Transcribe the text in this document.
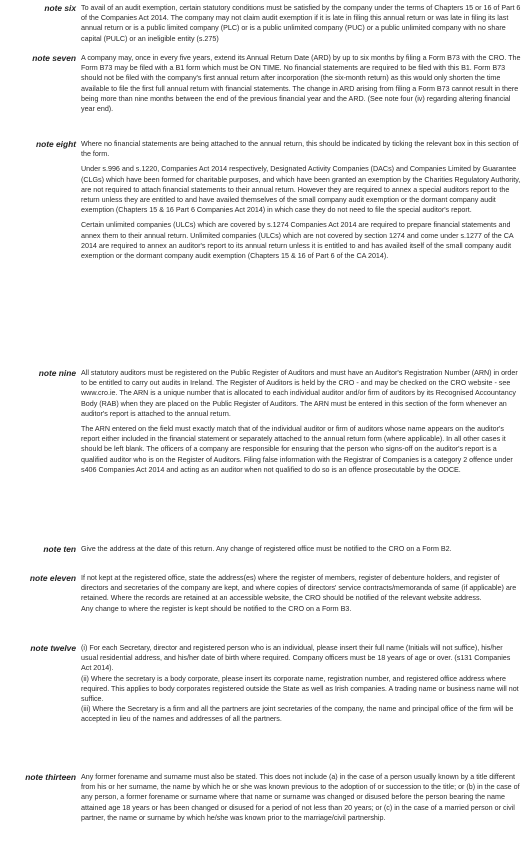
note six To avail of an audit exemption, certain statutory conditions must be satisfied by the company under the terms of Chapters 15 or 16 of Part 6 of the Companies Act 2014. The company may not claim audit exemption if it is late in filing this annual return or was late in filing its last annual return or is a public limited company (PLC) or is a public unlimited company (PUC) or a public unlimited company with no share capital (PULC) or an ineligible entity (s.275)

note seven A company may, once in every five years, extend its Annual Return Date (ARD) by up to six months by filing a Form B73 with the CRO. The Form B73 may be filed with a B1 form which must be ON TIME. No financial statements are required to be filed with this B1. Form B73 should not be filed with the company's first annual return after incorporation (the six-month return) as this would only shorten the time available to file the first full annual return with financial statements. The change in ARD arising from filing a Form B73 cannot result in there being more than nine months between the end of the previous financial year and the ARD. (See note four (iv) regarding altering financial year end).

note eight Where no financial statements are being attached to the annual return, this should be indicated by ticking the relevant box in this section of the form.

Under s.996 and s.1220, Companies Act 2014 respectively, Designated Activity Companies (DACs) and Companies Limited by Guarantee (CLGs) which have been formed for charitable purposes, and which have been granted an exemption by the Charities Regulatory Authority, are not required to attach financial statements to their annual return. However they are required to annex a special auditors report to the return unless they are entitled to and have availed themselves of the small company audit exemption or the dormant company audit exemption (Chapters 15 & 16 Part 6 Companies Act 2014) in which case they do not need to file the special auditor's report.

Certain unlimited companies (ULCs) which are covered by s.1274 Companies Act 2014 are required to prepare financial statements and annex them to their annual return. Unlimited companies (ULCs) which are not covered by section 1274 and come under s.1277 of the CA 2014 are required to annex an auditor's report to its annual return unless it is entitled to and has availed itself of the small company audit exemption or the dormant company audit exemption (Chapters 15 & 16 of Part 6 of the CA 2014).

note nine All statutory auditors must be registered on the Public Register of Auditors and must have an Auditor's Registration Number (ARN) in order to be entitled to carry out audits in Ireland. The Register of Auditors is held by the CRO - and may be checked on the CRO website - see www.cro.ie. The ARN is a unique number that is allocated to each individual auditor and/or firm of auditors by its Recognised Accountancy Body (RAB) when they are placed on the Public Register of Auditors. The ARN must be entered in this section of the form whenever an auditor's report is attached to the annual return.

The ARN entered on the field must exactly match that of the individual auditor or firm of auditors whose name appears on the auditor's report either included in the financial statement or separately attached to the annual return form (where applicable). In all other cases it should be left blank. The officers of a company are responsible for ensuring that the person who signs-off on the auditor's report is a qualified auditor who is on the Register of Auditors. Filing false information with the Registrar of Companies is a category 2 offence under s406 Companies Act 2014 and acting as an auditor when not qualified to do so is an offence prosecutable by the ODCE.

note ten Give the address at the date of this return. Any change of registered office must be notified to the CRO on a Form B2.

note eleven If not kept at the registered office, state the address(es) where the register of members, register of debenture holders, and register of directors and secretaries of the company are kept, and where copies of directors' service contracts/memoranda of same (if applicable) are retained. Where the records are retained at an accessible website, the CRO should be notified of the relevant website address.

Any change to where the register is kept should be notified to the CRO on a Form B3.

note twelve (i) For each Secretary, director and registered person who is an individual, please insert their full name (Initials will not suffice), his/her usual residential address, and his/her date of birth where required. Company officers must be 18 years of age or over. (s131 Companies Act 2014).

(ii) Where the secretary is a body corporate, please insert its corporate name, registration number, and registered office address where required. This applies to body corporates registered outside the State as well as Irish companies. A trading name or business name will not suffice.

(iii) Where the Secretary is a firm and all the partners are joint secretaries of the company, the name and principal office of the firm will be accepted in lieu of the names and addresses of all the partners.

note thirteen Any former forename and surname must also be stated. This does not include (a) in the case of a person usually known by a title different from his or her surname, the name by which he or she was known previous to the adoption of or succession to the title; or (b) in the case of any person, a former forename or surname where that name or surname was changed or disused before the person bearing the name attained age 18 years or has been changed or disused for a period of not less than 20 years; or (c) in the case of a married person or civil partner, the name or surname by which he/she was known prior to the marriage/civil partnership.
